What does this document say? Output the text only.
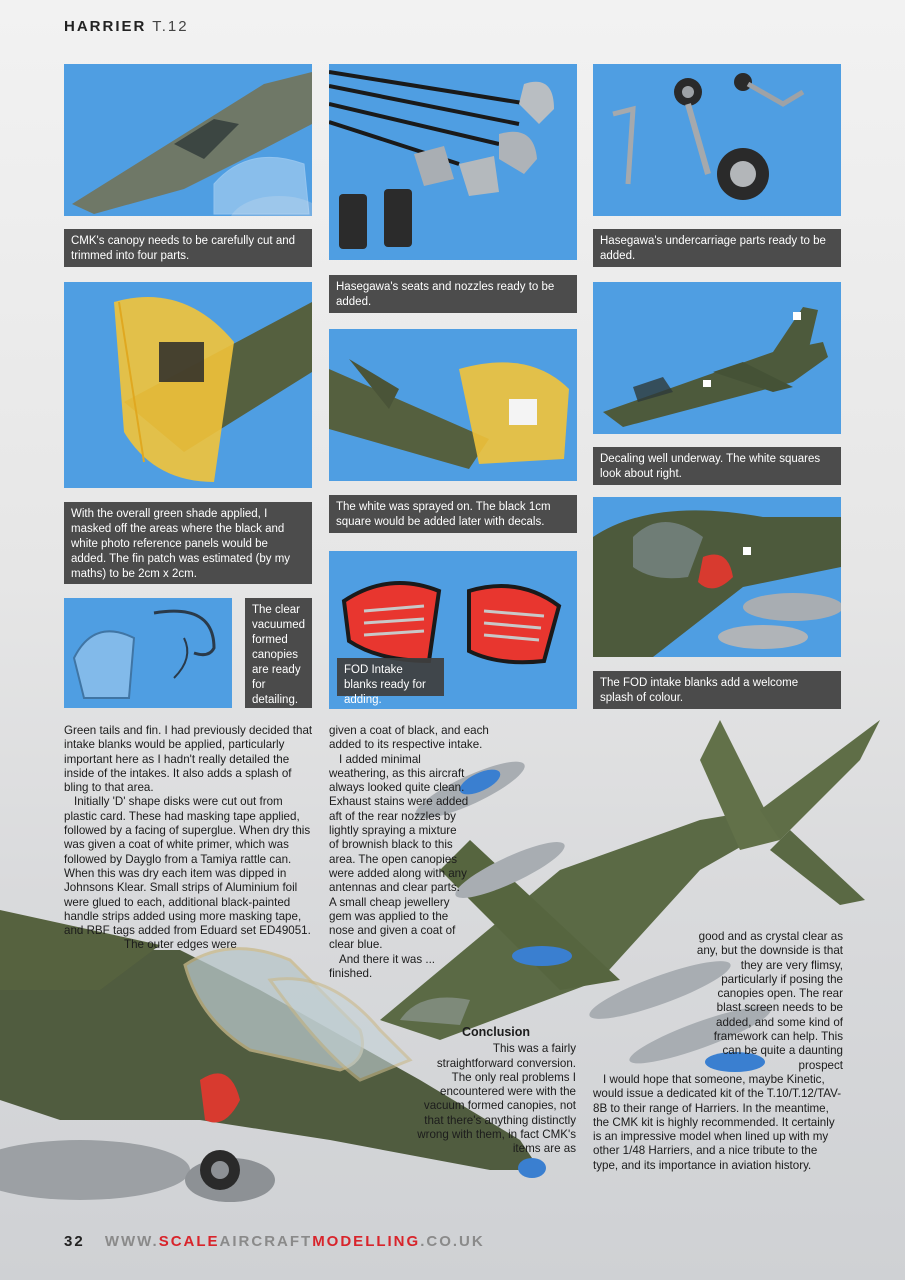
HARRIER T.12
CMK's canopy needs to be carefully cut and trimmed into four parts.
Hasegawa's seats and nozzles ready to be added.
Hasegawa's undercarriage parts ready to be added.
With the overall green shade applied, I masked off the areas where the black and white photo reference panels would be added. The fin patch was estimated (by my maths) to be 2cm x 2cm.
The white was sprayed on. The black 1cm square would be added later with decals.
Decaling well underway. The white squares look about right.
The clear vacuumed formed canopies are ready for detailing.
FOD Intake blanks ready for adding.
The FOD intake blanks add a welcome splash of colour.

Green tails and fin. I had previously decided that intake blanks would be applied, particularly important here as I hadn't really detailed the inside of the intakes. It also adds a splash of bling to that area.

Initially 'D' shape disks were cut out from plastic card. These had masking tape applied, followed by a facing of superglue. When dry this was given a coat of white primer, which was followed by Dayglo from a Tamiya rattle can. When this was dry each item was dipped in Johnsons Klear. Small strips of Aluminium foil were glued to each, additional black-painted handle strips added using more masking tape, and RBF tags added from Eduard set ED49051.

The outer edges were

given a coat of black, and each added to its respective intake.

I added minimal weathering, as this aircraft always looked quite clean. Exhaust stains were added aft of the rear nozzles by lightly spraying a mixture of brownish black to this area. The open canopies were added along with any antennas and clear parts. A small cheap jewellery gem was applied to the nose and given a coat of clear blue.

And there it was ... finished.

Conclusion

This was a fairly straightforward conversion. The only real problems I encountered were with the vacuum formed canopies, not that there's anything distinctly wrong with them, in fact CMK's items are as

good and as crystal clear as any, but the downside is that they are very flimsy, particularly if posing the canopies open. The rear blast screen needs to be added, and some kind of framework can help. This can be quite a daunting prospect

I would hope that someone, maybe Kinetic, would issue a dedicated kit of the T.10/T.12/TAV-8B to their range of Harriers. In the meantime, the CMK kit is highly recommended. It certainly is an impressive model when lined up with my other 1/48 Harriers, and a nice tribute to the type, and its importance in aviation history.

32 WWW.SCALEAIRCRAFTMODELLING.CO.UK
